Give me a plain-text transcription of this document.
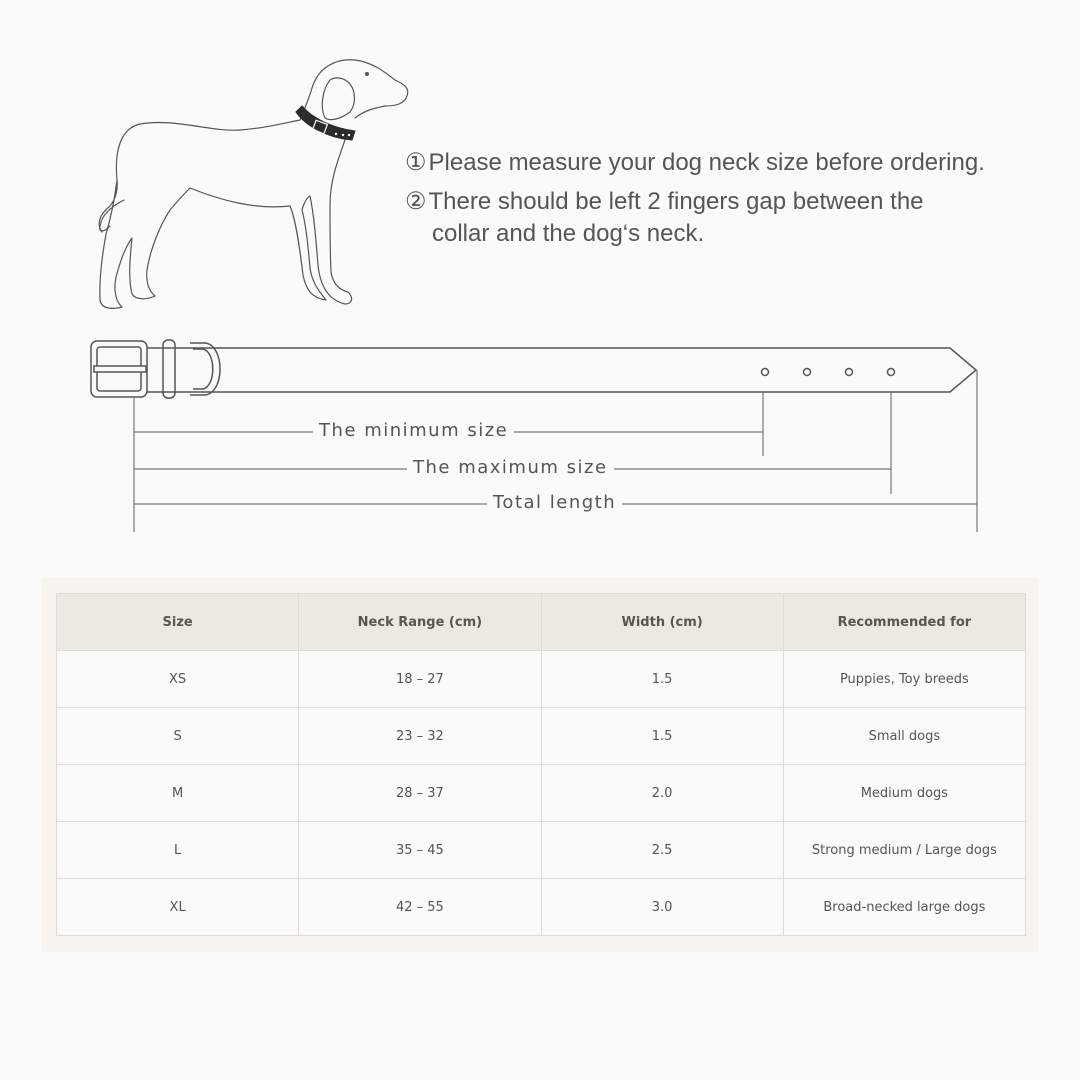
①Please measure your dog neck size before ordering.
②There should be left 2 fingers gap between the
collar and the dog‘s neck.
The minimum size
The maximum size
Total length
Size	Neck Range (cm)	Width (cm)	Recommended for
XS	18 – 27	1.5	Puppies, Toy breeds
S	23 – 32	1.5	Small dogs
M	28 – 37	2.0	Medium dogs
L	35 – 45	2.5	Strong medium / Large dogs
XL	42 – 55	3.0	Broad-necked large dogs
